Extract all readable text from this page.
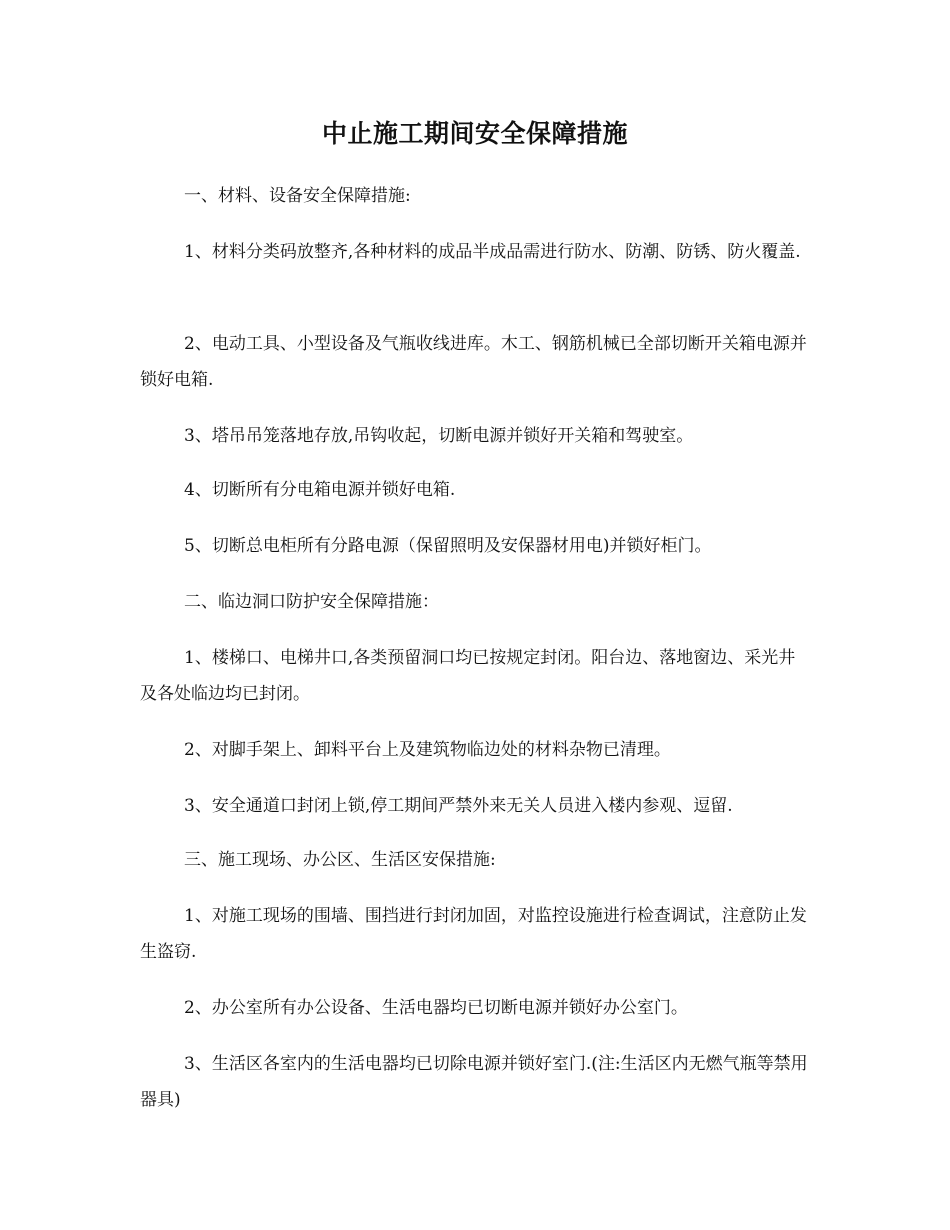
中止施工期间安全保障措施

一、材料、设备安全保障措施:

1、材料分类码放整齐,各种材料的成品半成品需进行防水、防潮、防锈、防火覆盖.

2、电动工具、小型设备及气瓶收线进库。木工、钢筋机械已全部切断开关箱电源并锁好电箱.

3、塔吊吊笼落地存放,吊钩收起，切断电源并锁好开关箱和驾驶室。

4、切断所有分电箱电源并锁好电箱.

5、切断总电柜所有分路电源（保留照明及安保器材用电)并锁好柜门。

二、临边洞口防护安全保障措施：

1、楼梯口、电梯井口,各类预留洞口均已按规定封闭。阳台边、落地窗边、采光井及各处临边均已封闭。

2、对脚手架上、卸料平台上及建筑物临边处的材料杂物已清理。

3、安全通道口封闭上锁,停工期间严禁外来无关人员进入楼内参观、逗留.

三、施工现场、办公区、生活区安保措施:

1、对施工现场的围墙、围挡进行封闭加固，对监控设施进行检查调试，注意防止发生盗窃.

2、办公室所有办公设备、生活电器均已切断电源并锁好办公室门。

3、生活区各室内的生活电器均已切除电源并锁好室门.(注:生活区内无燃气瓶等禁用器具)
